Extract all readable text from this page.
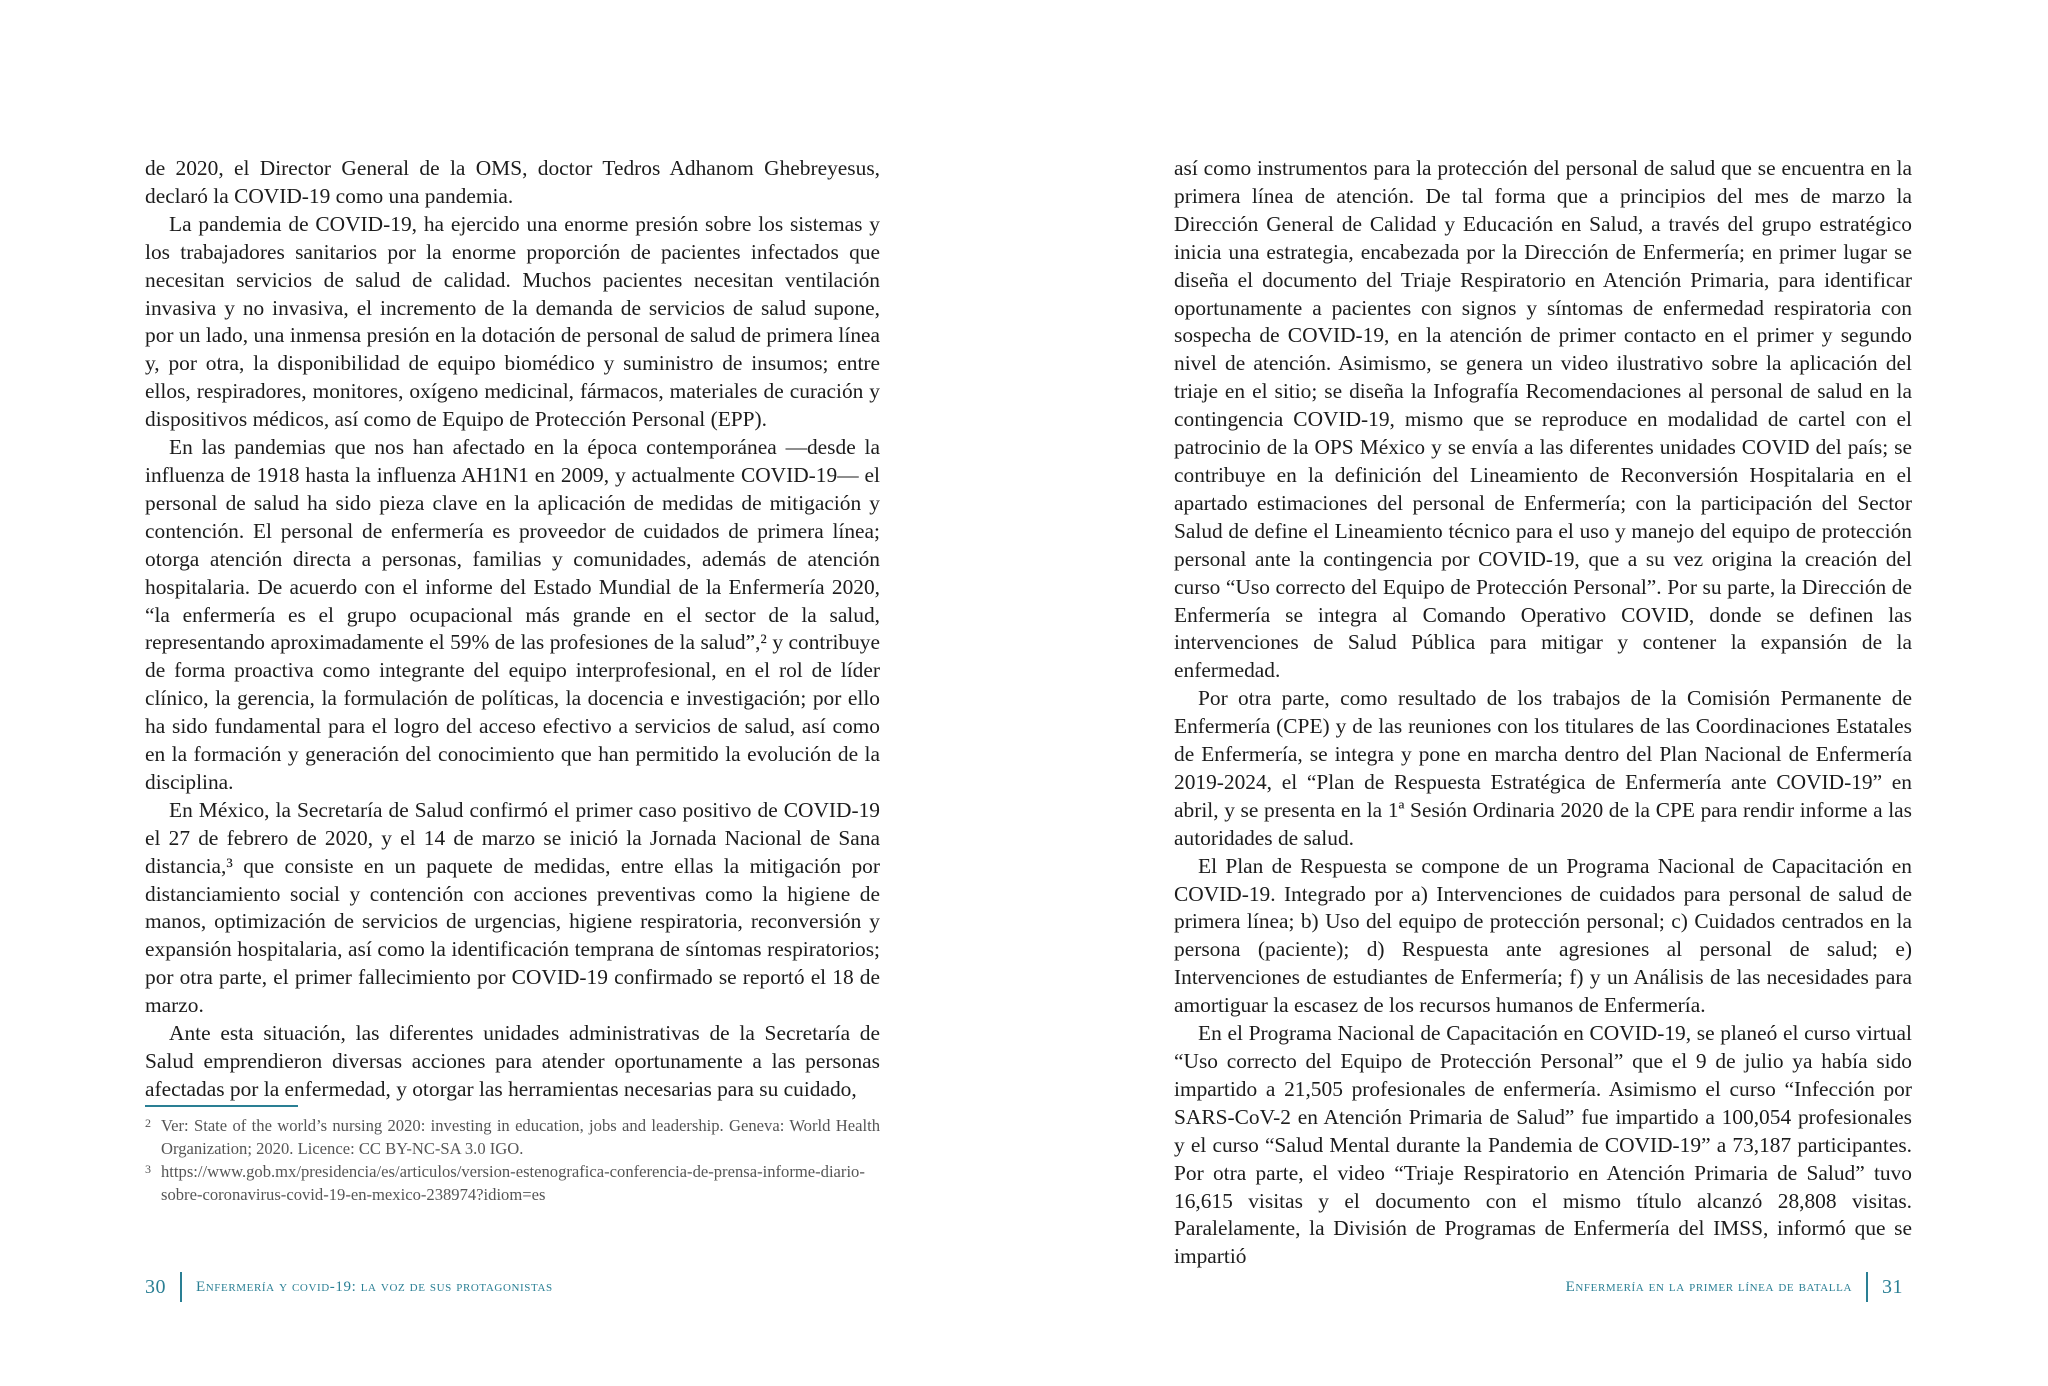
de 2020, el Director General de la OMS, doctor Tedros Adhanom Ghebreyesus, declaró la COVID-19 como una pandemia.

La pandemia de COVID-19, ha ejercido una enorme presión sobre los sistemas y los trabajadores sanitarios por la enorme proporción de pacientes infectados que necesitan servicios de salud de calidad. Muchos pacientes necesitan ventilación invasiva y no invasiva, el incremento de la demanda de servicios de salud supone, por un lado, una inmensa presión en la dotación de personal de salud de primera línea y, por otra, la disponibilidad de equipo biomédico y suministro de insumos; entre ellos, respiradores, monitores, oxígeno medicinal, fármacos, materiales de curación y dispositivos médicos, así como de Equipo de Protección Personal (EPP).

En las pandemias que nos han afectado en la época contemporánea —desde la influenza de 1918 hasta la influenza AH1N1 en 2009, y actualmente COVID-19— el personal de salud ha sido pieza clave en la aplicación de medidas de mitigación y contención. El personal de enfermería es proveedor de cuidados de primera línea; otorga atención directa a personas, familias y comunidades, además de atención hospitalaria. De acuerdo con el informe del Estado Mundial de la Enfermería 2020, “la enfermería es el grupo ocupacional más grande en el sector de la salud, representando aproximadamente el 59% de las profesiones de la salud”,² y contribuye de forma proactiva como integrante del equipo interprofesional, en el rol de líder clínico, la gerencia, la formulación de políticas, la docencia e investigación; por ello ha sido fundamental para el logro del acceso efectivo a servicios de salud, así como en la formación y generación del conocimiento que han permitido la evolución de la disciplina.

En México, la Secretaría de Salud confirmó el primer caso positivo de COVID-19 el 27 de febrero de 2020, y el 14 de marzo se inició la Jornada Nacional de Sana distancia,³ que consiste en un paquete de medidas, entre ellas la mitigación por distanciamiento social y contención con acciones preventivas como la higiene de manos, optimización de servicios de urgencias, higiene respiratoria, reconversión y expansión hospitalaria, así como la identificación temprana de síntomas respiratorios; por otra parte, el primer fallecimiento por COVID-19 confirmado se reportó el 18 de marzo.

Ante esta situación, las diferentes unidades administrativas de la Secretaría de Salud emprendieron diversas acciones para atender oportunamente a las personas afectadas por la enfermedad, y otorgar las herramientas necesarias para su cuidado,

2 Ver: State of the world’s nursing 2020: investing in education, jobs and leadership. Geneva: World Health Organization; 2020. Licence: CC BY-NC-SA 3.0 IGO.

3 https://www.gob.mx/presidencia/es/articulos/version-estenografica-conferencia-de-prensa-informe-diario-sobre-coronavirus-covid-19-en-mexico-238974?idiom=es

30 Enfermería y covid-19: la voz de sus protagonistas

así como instrumentos para la protección del personal de salud que se encuentra en la primera línea de atención. De tal forma que a principios del mes de marzo la Dirección General de Calidad y Educación en Salud, a través del grupo estratégico inicia una estrategia, encabezada por la Dirección de Enfermería; en primer lugar se diseña el documento del Triaje Respiratorio en Atención Primaria, para identificar oportunamente a pacientes con signos y síntomas de enfermedad respiratoria con sospecha de COVID-19, en la atención de primer contacto en el primer y segundo nivel de atención. Asimismo, se genera un video ilustrativo sobre la aplicación del triaje en el sitio; se diseña la Infografía Recomendaciones al personal de salud en la contingencia COVID-19, mismo que se reproduce en modalidad de cartel con el patrocinio de la OPS México y se envía a las diferentes unidades COVID del país; se contribuye en la definición del Lineamiento de Reconversión Hospitalaria en el apartado estimaciones del personal de Enfermería; con la participación del Sector Salud de define el Lineamiento técnico para el uso y manejo del equipo de protección personal ante la contingencia por COVID-19, que a su vez origina la creación del curso “Uso correcto del Equipo de Protección Personal”. Por su parte, la Dirección de Enfermería se integra al Comando Operativo COVID, donde se definen las intervenciones de Salud Pública para mitigar y contener la expansión de la enfermedad.

Por otra parte, como resultado de los trabajos de la Comisión Permanente de Enfermería (CPE) y de las reuniones con los titulares de las Coordinaciones Estatales de Enfermería, se integra y pone en marcha dentro del Plan Nacional de Enfermería 2019-2024, el “Plan de Respuesta Estratégica de Enfermería ante COVID-19” en abril, y se presenta en la 1ª Sesión Ordinaria 2020 de la CPE para rendir informe a las autoridades de salud.

El Plan de Respuesta se compone de un Programa Nacional de Capacitación en COVID-19. Integrado por a) Intervenciones de cuidados para personal de salud de primera línea; b) Uso del equipo de protección personal; c) Cuidados centrados en la persona (paciente); d) Respuesta ante agresiones al personal de salud; e) Intervenciones de estudiantes de Enfermería; f) y un Análisis de las necesidades para amortiguar la escasez de los recursos humanos de Enfermería.

En el Programa Nacional de Capacitación en COVID-19, se planeó el curso virtual “Uso correcto del Equipo de Protección Personal” que el 9 de julio ya había sido impartido a 21,505 profesionales de enfermería. Asimismo el curso “Infección por SARS-CoV-2 en Atención Primaria de Salud” fue impartido a 100,054 profesionales y el curso “Salud Mental durante la Pandemia de COVID-19” a 73,187 participantes. Por otra parte, el video “Triaje Respiratorio en Atención Primaria de Salud” tuvo 16,615 visitas y el documento con el mismo título alcanzó 28,808 visitas. Paralelamente, la División de Programas de Enfermería del IMSS, informó que se impartió

Enfermería en la primer línea de batalla 31
